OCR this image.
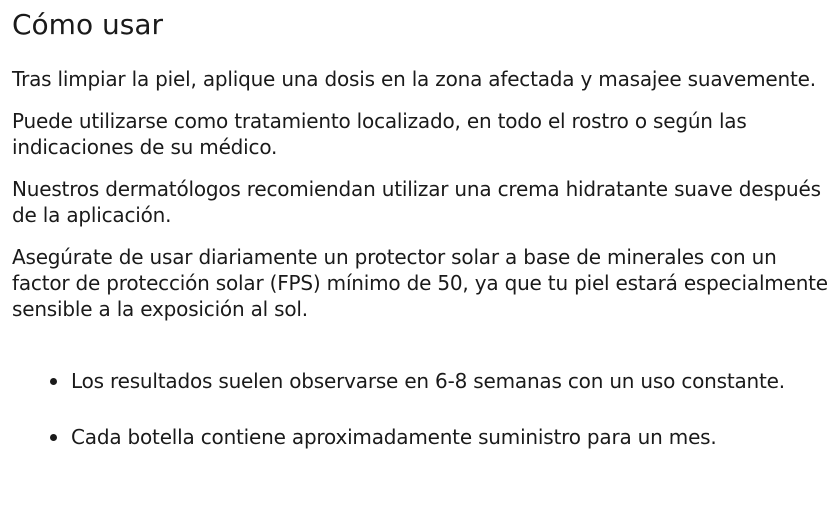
Cómo usar

Tras limpiar la piel, aplique una dosis en la zona afectada y masajee suavemente.

Puede utilizarse como tratamiento localizado, en todo el rostro o según las indicaciones de su médico.

Nuestros dermatólogos recomiendan utilizar una crema hidratante suave después de la aplicación.

Asegúrate de usar diariamente un protector solar a base de minerales con un factor de protección solar (FPS) mínimo de 50, ya que tu piel estará especialmente sensible a la exposición al sol.

Los resultados suelen observarse en 6-8 semanas con un uso constante.
Cada botella contiene aproximadamente suministro para un mes.
